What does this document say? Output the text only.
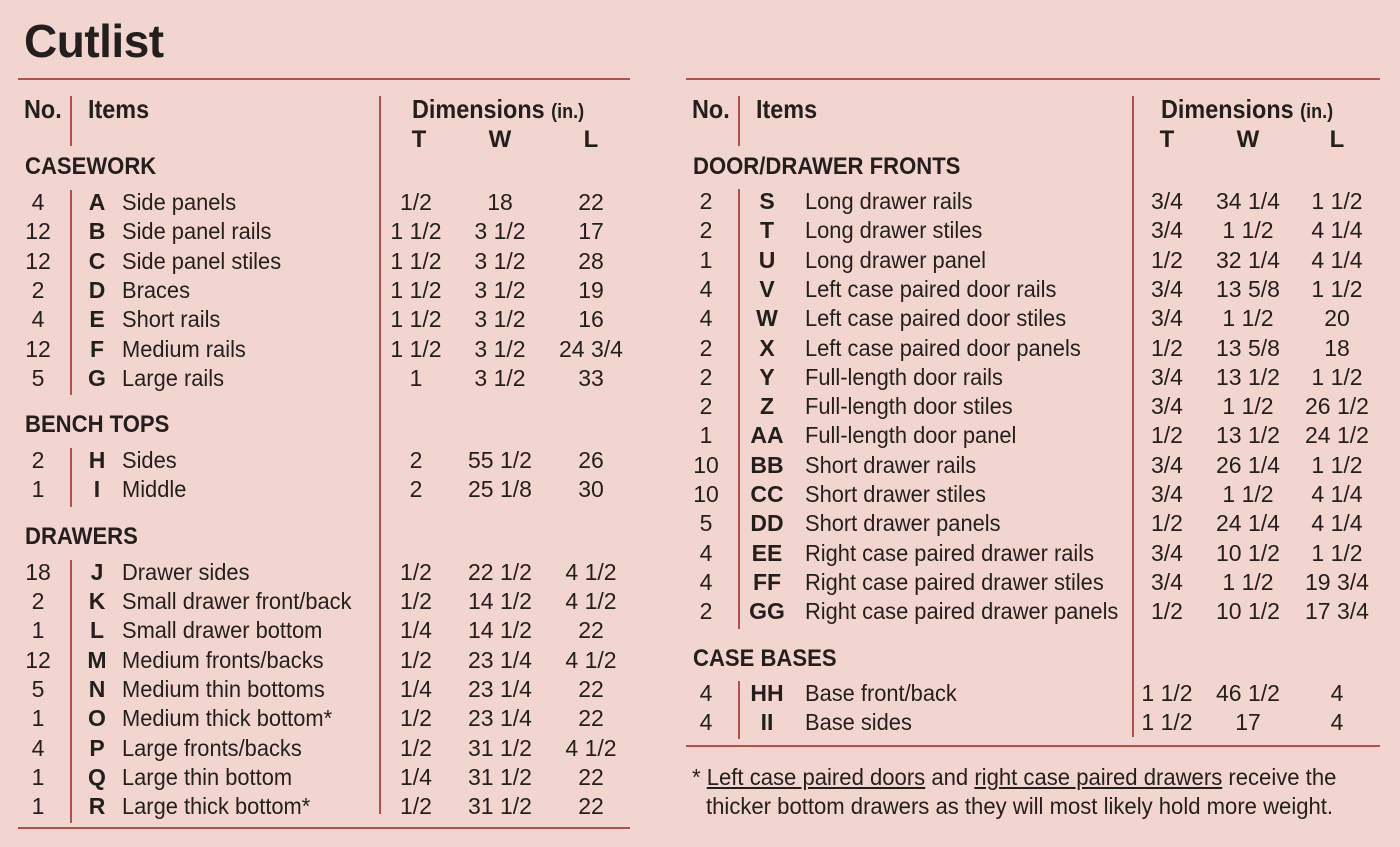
Cutlist
No. Items	Dimensions (in.)
T	W	L
CASEWORK
4	A Side panels	1/2	18	22
12	B Side panel rails	1 1/2	3 1/2	17
12	C Side panel stiles	1 1/2	3 1/2	28
2	D Braces	1 1/2	3 1/2	19
4	E Short rails	1 1/2	3 1/2	16
12	F Medium rails	1 1/2	3 1/2	24 3/4
5	G Large rails	1	3 1/2	33
BENCH TOPS
2	H Sides	2	55 1/2	26
1	I Middle	2	25 1/8	30
DRAWERS
18	J Drawer sides	1/2	22 1/2	4 1/2
2	K Small drawer front/back	1/2	14 1/2	4 1/2
1	L Small drawer bottom	1/4	14 1/2	22
12	M Medium fronts/backs	1/2	23 1/4	4 1/2
5	N Medium thin bottoms	1/4	23 1/4	22
1	O Medium thick bottom*	1/2	23 1/4	22
4	P Large fronts/backs	1/2	31 1/2	4 1/2
1	Q Large thin bottom	1/4	31 1/2	22
1	R Large thick bottom*	1/2	31 1/2	22
No. Items	Dimensions (in.)
T	W	L
DOOR/DRAWER FRONTS
2	S	Long drawer rails	3/4	34 1/4	1 1/2
2	T	Long drawer stiles	3/4	1 1/2	4 1/4
1	U	Long drawer panel	1/2	32 1/4	4 1/4
4	V	Left case paired door rails	3/4	13 5/8	1 1/2
4	W	Left case paired door stiles	3/4	1 1/2	20
2	X	Left case paired door panels	1/2	13 5/8	18
2	Y	Full-length door rails	3/4	13 1/2	1 1/2
2	Z	Full-length door stiles	3/4	1 1/2	26 1/2
1	AA Full-length door panel	1/2	13 1/2	24 1/2
10	BB Short drawer rails	3/4	26 1/4	1 1/2
10	CC Short drawer stiles	3/4	1 1/2	4 1/4
5	DD Short drawer panels	1/2	24 1/4	4 1/4
4	EE Right case paired drawer rails	3/4	10 1/2	1 1/2
4	FF	Right case paired drawer stiles	3/4	1 1/2	19 3/4
2	GG Right case paired drawer panels	1/2	10 1/2	17 3/4
CASE BASES
4	HH Base front/back	1 1/2	46 1/2	4
4	II	Base sides	1 1/2	17	4
* Left case paired doors and right case paired drawers receive the
thicker bottom drawers as they will most likely hold more weight.
